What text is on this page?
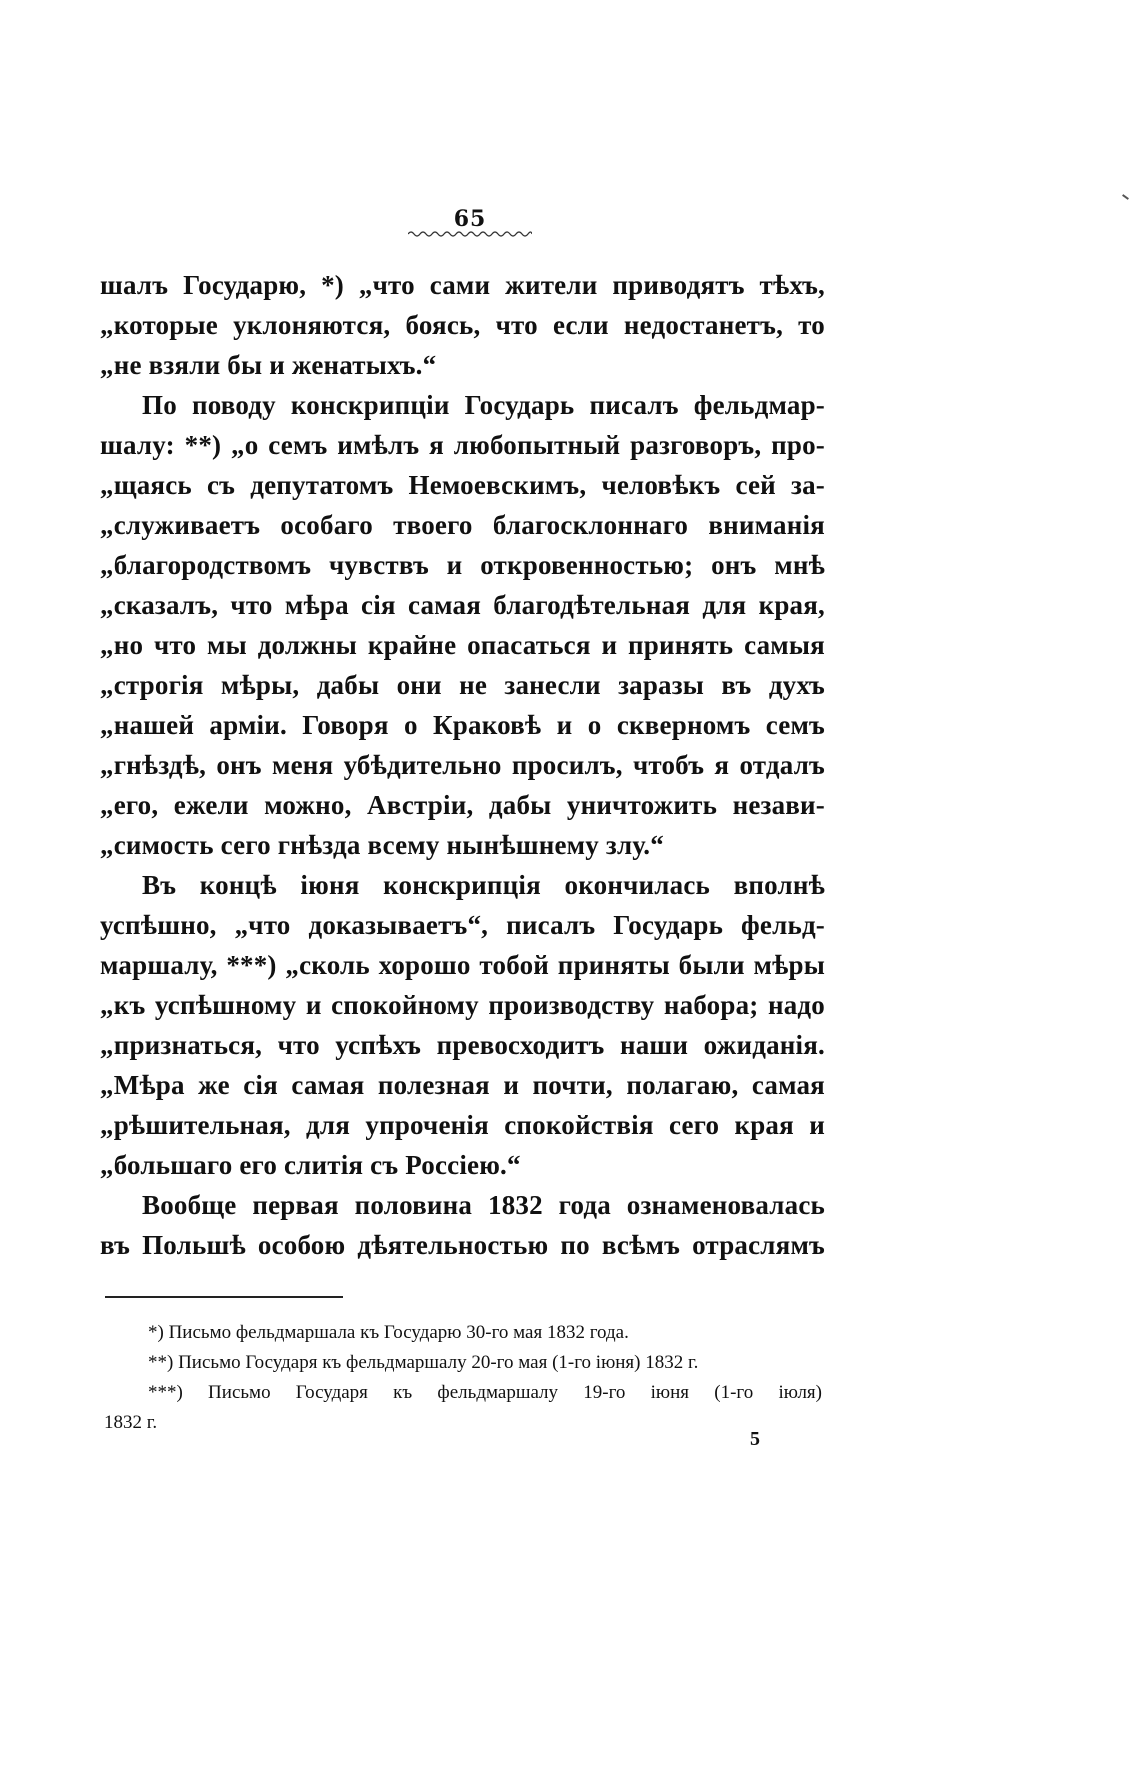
65
шалъ Государю, *) „что сами жители приводятъ тѣхъ,
„которые уклоняются, боясь, что если недостанетъ, то
„не взяли бы и женатыхъ.“
По поводу конскрипціи Государь писалъ фельдмар-
шалу: **) „о семъ имѣлъ я любопытный разговоръ, про-
„щаясь съ депутатомъ Немоевскимъ, человѣкъ сей за-
„служиваетъ особаго твоего благосклоннаго вниманія
„благородствомъ чувствъ и откровенностью; онъ мнѣ
„сказалъ, что мѣра сія самая благодѣтельная для края,
„но что мы должны крайне опасаться и принять самыя
„строгія мѣры, дабы они не занесли заразы въ духъ
„нашей арміи. Говоря о Краковѣ и о скверномъ семъ
„гнѣздѣ, онъ меня убѣдительно просилъ, чтобъ я отдалъ
„его, ежели можно, Австріи, дабы уничтожить незави-
„симость сего гнѣзда всему нынѣшнему злу.“
Въ концѣ іюня конскрипція окончилась вполнѣ
успѣшно, „что доказываетъ“, писалъ Государь фельд-
маршалу, ***) „сколь хорошо тобой приняты были мѣры
„къ успѣшному и спокойному производству набора; надо
„признаться, что успѣхъ превосходитъ наши ожиданія.
„Мѣра же сія самая полезная и почти, полагаю, самая
„рѣшительная, для упроченія спокойствія сего края и
„большаго его слитія съ Россіею.“
Вообще первая половина 1832 года ознаменовалась
въ Польшѣ особою дѣятельностью по всѣмъ отраслямъ
*) Письмо фельдмаршала къ Государю 30-го мая 1832 года.
**) Письмо Государя къ фельдмаршалу 20-го мая (1-го іюня) 1832 г.
***) Письмо Государя къ фельдмаршалу 19-го іюня (1-го іюля)
1832 г.
5
